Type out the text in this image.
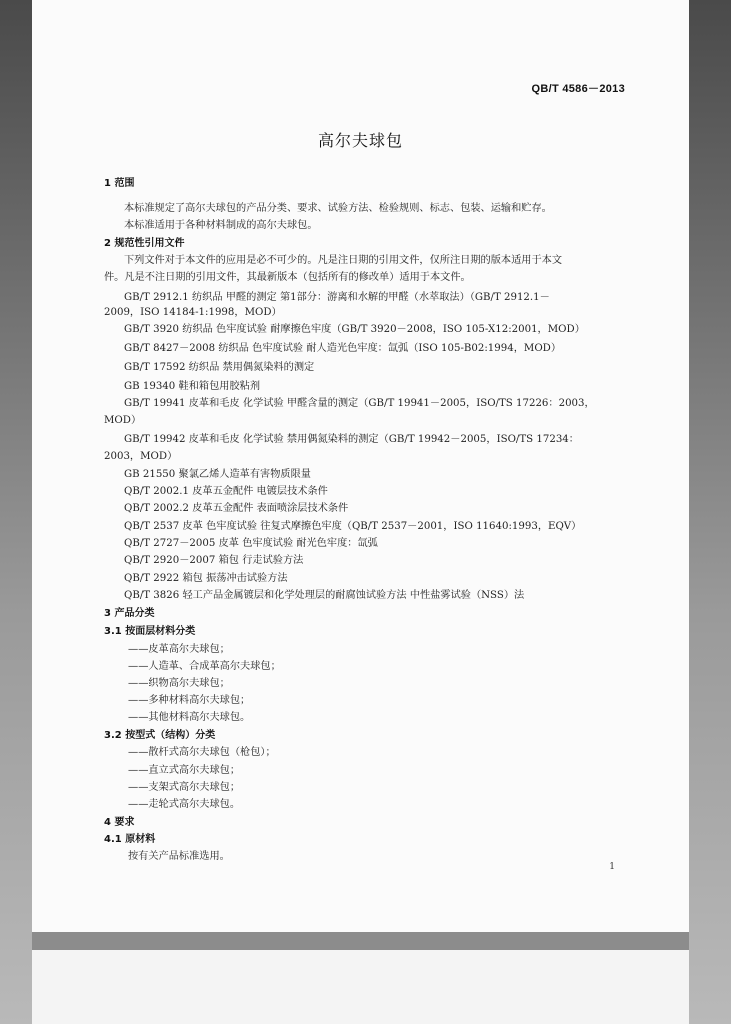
QB/T 4586－2013
高尔夫球包
1 范围
本标准规定了高尔夫球包的产品分类、要求、试验方法、检验规则、标志、包装、运输和贮存。
本标准适用于各种材料制成的高尔夫球包。
2 规范性引用文件
下列文件对于本文件的应用是必不可少的。凡是注日期的引用文件，仅所注日期的版本适用于本文
件。凡是不注日期的引用文件，其最新版本（包括所有的修改单）适用于本文件。
GB/T 2912.1 纺织品 甲醛的测定 第1部分：游离和水解的甲醛（水萃取法）（GB/T 2912.1－
2009，ISO 14184-1:1998，MOD）
GB/T 3920 纺织品 色牢度试验 耐摩擦色牢度（GB/T 3920－2008，ISO 105-X12:2001，MOD）
GB/T 8427－2008 纺织品 色牢度试验 耐人造光色牢度：氙弧（ISO 105-B02:1994，MOD）
GB/T 17592 纺织品 禁用偶氮染料的测定
GB 19340 鞋和箱包用胶粘剂
GB/T 19941 皮革和毛皮 化学试验 甲醛含量的测定（GB/T 19941－2005，ISO/TS 17226：2003，
MOD）
GB/T 19942 皮革和毛皮 化学试验 禁用偶氮染料的测定（GB/T 19942－2005，ISO/TS 17234：
2003，MOD）
GB 21550 聚氯乙烯人造革有害物质限量
QB/T 2002.1 皮革五金配件 电镀层技术条件
QB/T 2002.2 皮革五金配件 表面喷涂层技术条件
QB/T 2537 皮革 色牢度试验 往复式摩擦色牢度（QB/T 2537－2001，ISO 11640:1993，EQV）
QB/T 2727－2005 皮革 色牢度试验 耐光色牢度：氙弧
QB/T 2920－2007 箱包 行走试验方法
QB/T 2922 箱包 振荡冲击试验方法
QB/T 3826 轻工产品金属镀层和化学处理层的耐腐蚀试验方法 中性盐雾试验（NSS）法
3 产品分类
3.1 按面层材料分类
——皮革高尔夫球包；
——人造革、合成革高尔夫球包；
——织物高尔夫球包；
——多种材料高尔夫球包；
——其他材料高尔夫球包。
3.2 按型式（结构）分类
——散杆式高尔夫球包（枪包）；
——直立式高尔夫球包；
——支架式高尔夫球包；
——走轮式高尔夫球包。
4 要求
4.1 原材料
按有关产品标准选用。
1
